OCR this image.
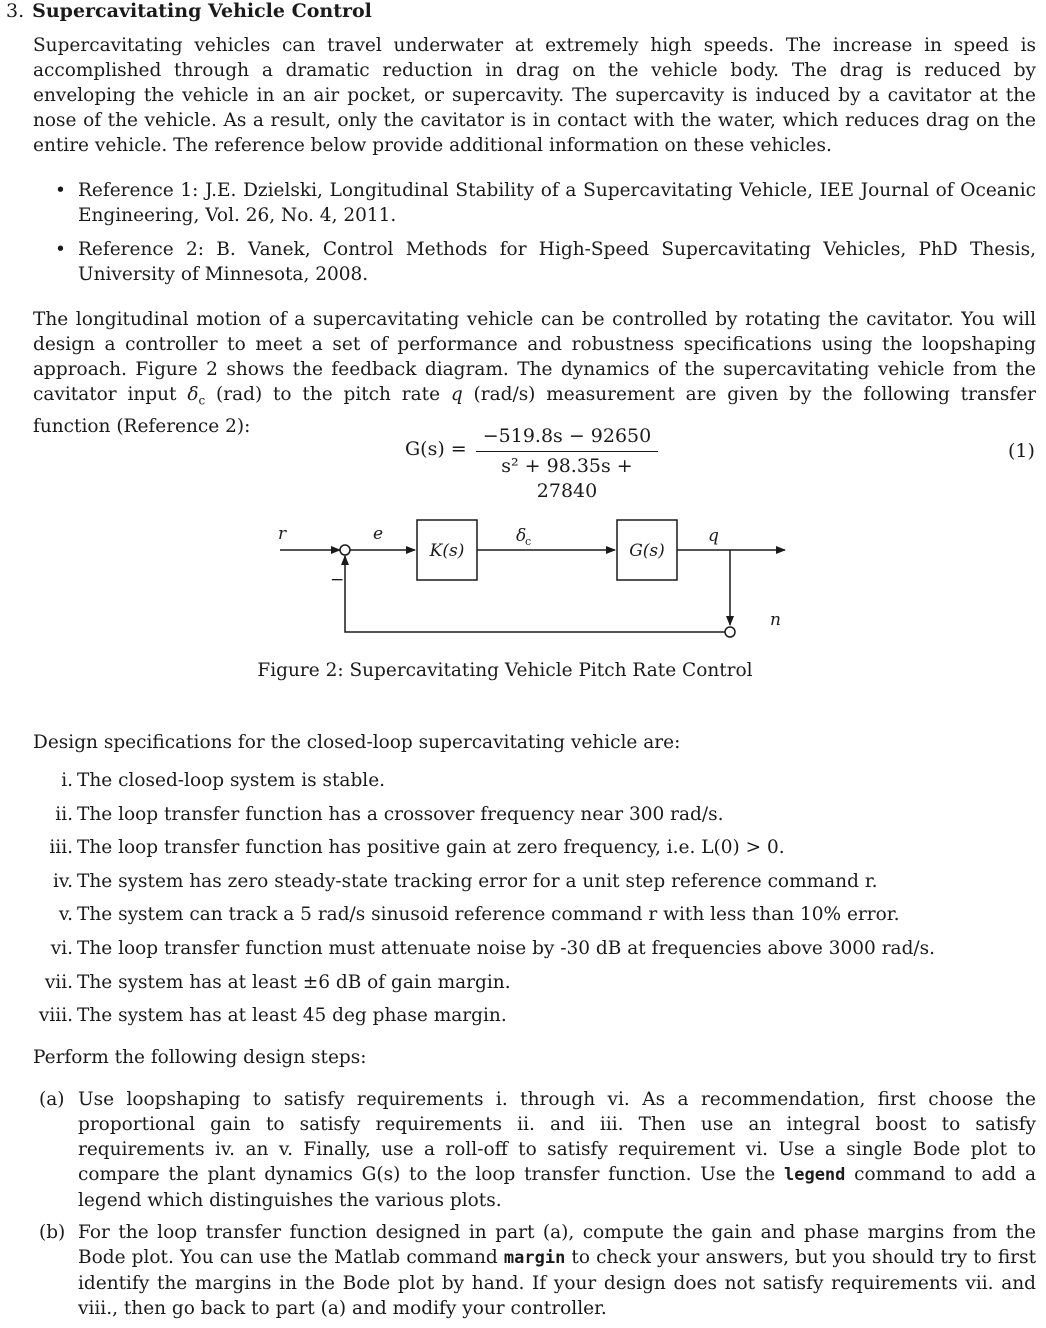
3. Supercavitating Vehicle Control
Supercavitating vehicles can travel underwater at extremely high speeds. The increase in speed is accomplished through a dramatic reduction in drag on the vehicle body. The drag is reduced by enveloping the vehicle in an air pocket, or supercavity. The supercavity is induced by a cavitator at the nose of the vehicle. As a result, only the cavitator is in contact with the water, which reduces drag on the entire vehicle. The reference below provide additional information on these vehicles.
• Reference 1: J.E. Dzielski, Longitudinal Stability of a Supercavitating Vehicle, IEE Journal of Oceanic Engineering, Vol. 26, No. 4, 2011.
• Reference 2: B. Vanek, Control Methods for High-Speed Supercavitating Vehicles, PhD Thesis, University of Minnesota, 2008.
The longitudinal motion of a supercavitating vehicle can be controlled by rotating the cavitator. You will design a controller to meet a set of performance and robustness specifications using the loopshaping approach. Figure 2 shows the feedback diagram. The dynamics of the supercavitating vehicle from the cavitator input $\delta_c$ (rad) to the pitch rate q (rad/s) measurement are given by the following transfer function (Reference 2):
G(s) =
−519.8s − 92650
s² + 98.35s + 27840
(1)
r	e
K(s)
δ
c	G(s)
q
n
−
Figure 2: Supercavitating Vehicle Pitch Rate Control
Design specifications for the closed-loop supercavitating vehicle are:
i. The closed-loop system is stable.
ii. The loop transfer function has a crossover frequency near 300 rad/s.
iii. The loop transfer function has positive gain at zero frequency, i.e. L(0) > 0.
iv. The system has zero steady-state tracking error for a unit step reference command r.
v. The system can track a 5 rad/s sinusoid reference command r with less than 10% error.
vi. The loop transfer function must attenuate noise by -30 dB at frequencies above 3000 rad/s.
vii. The system has at least ±6 dB of gain margin.
viii. The system has at least 45 deg phase margin.
Perform the following design steps:
(a) Use loopshaping to satisfy requirements i. through vi. As a recommendation, first choose the proportional gain to satisfy requirements ii. and iii. Then use an integral boost to satisfy requirements iv. an v. Finally, use a roll-off to satisfy requirement vi. Use a single Bode plot to compare the plant dynamics G(s) to the loop transfer function. Use the legend command to add a legend which distinguishes the various plots.
(b) For the loop transfer function designed in part (a), compute the gain and phase margins from the Bode plot. You can use the Matlab command margin to check your answers, but you should try to first identify the margins in the Bode plot by hand. If your design does not satisfy requirements vii. and viii., then go back to part (a) and modify your controller.
